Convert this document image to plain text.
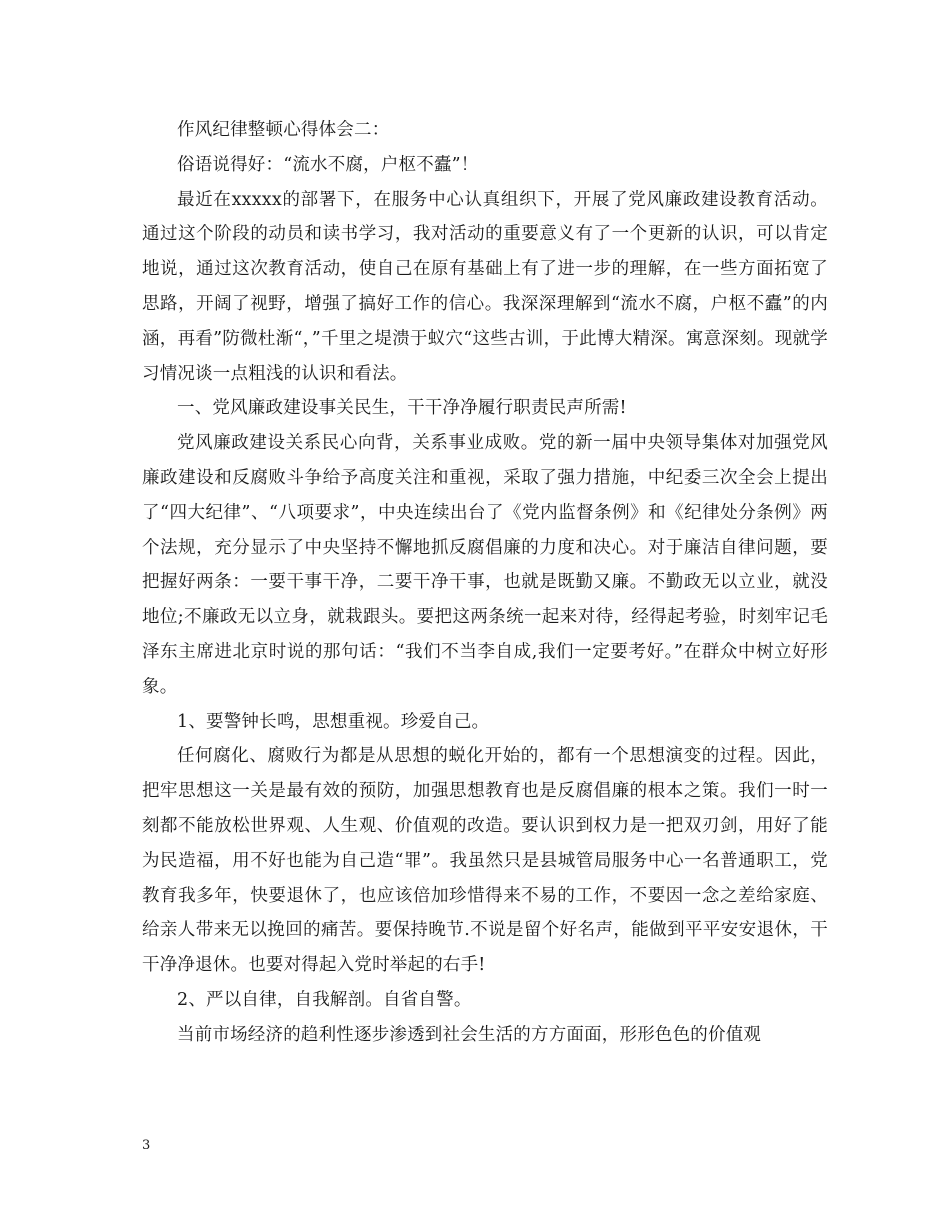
作风纪律整顿心得体会二：

俗语说得好：“流水不腐，户枢不蠹”！

最近在xxxxx的部署下，在服务中心认真组织下，开展了党风廉政建设教育活动。通过这个阶段的动员和读书学习，我对活动的重要意义有了一个更新的认识，可以肯定地说，通过这次教育活动，使自己在原有基础上有了进一步的理解，在一些方面拓宽了思路，开阔了视野，增强了搞好工作的信心。我深深理解到“流水不腐，户枢不蠹”的内涵，再看”防微杜渐“，”千里之堤溃于蚁穴“这些古训，于此博大精深。寓意深刻。现就学习情况谈一点粗浅的认识和看法。

一、党风廉政建设事关民生，干干净净履行职责民声所需!

党风廉政建设关系民心向背，关系事业成败。党的新一届中央领导集体对加强党风廉政建设和反腐败斗争给予高度关注和重视，采取了强力措施，中纪委三次全会上提出了“四大纪律”、“八项要求”，中央连续出台了《党内监督条例》和《纪律处分条例》两个法规，充分显示了中央坚持不懈地抓反腐倡廉的力度和决心。对于廉洁自律问题，要把握好两条：一要干事干净，二要干净干事，也就是既勤又廉。不勤政无以立业，就没地位;不廉政无以立身，就栽跟头。要把这两条统一起来对待，经得起考验，时刻牢记毛泽东主席进北京时说的那句话：“我们不当李自成,我们一定要考好。”在群众中树立好形象。

1、要警钟长鸣，思想重视。珍爱自己。

任何腐化、腐败行为都是从思想的蜕化开始的，都有一个思想演变的过程。因此，把牢思想这一关是最有效的预防，加强思想教育也是反腐倡廉的根本之策。我们一时一刻都不能放松世界观、人生观、价值观的改造。要认识到权力是一把双刃剑，用好了能为民造福，用不好也能为自己造“罪”。我虽然只是县城管局服务中心一名普通职工，党教育我多年，快要退休了，也应该倍加珍惜得来不易的工作，不要因一念之差给家庭、给亲人带来无以挽回的痛苦。要保持晚节.不说是留个好名声，能做到平平安安退休，干干净净退休。也要对得起入党时举起的右手!

2、严以自律，自我解剖。自省自警。

当前市场经济的趋利性逐步渗透到社会生活的方方面面，形形色色的价值观

3
